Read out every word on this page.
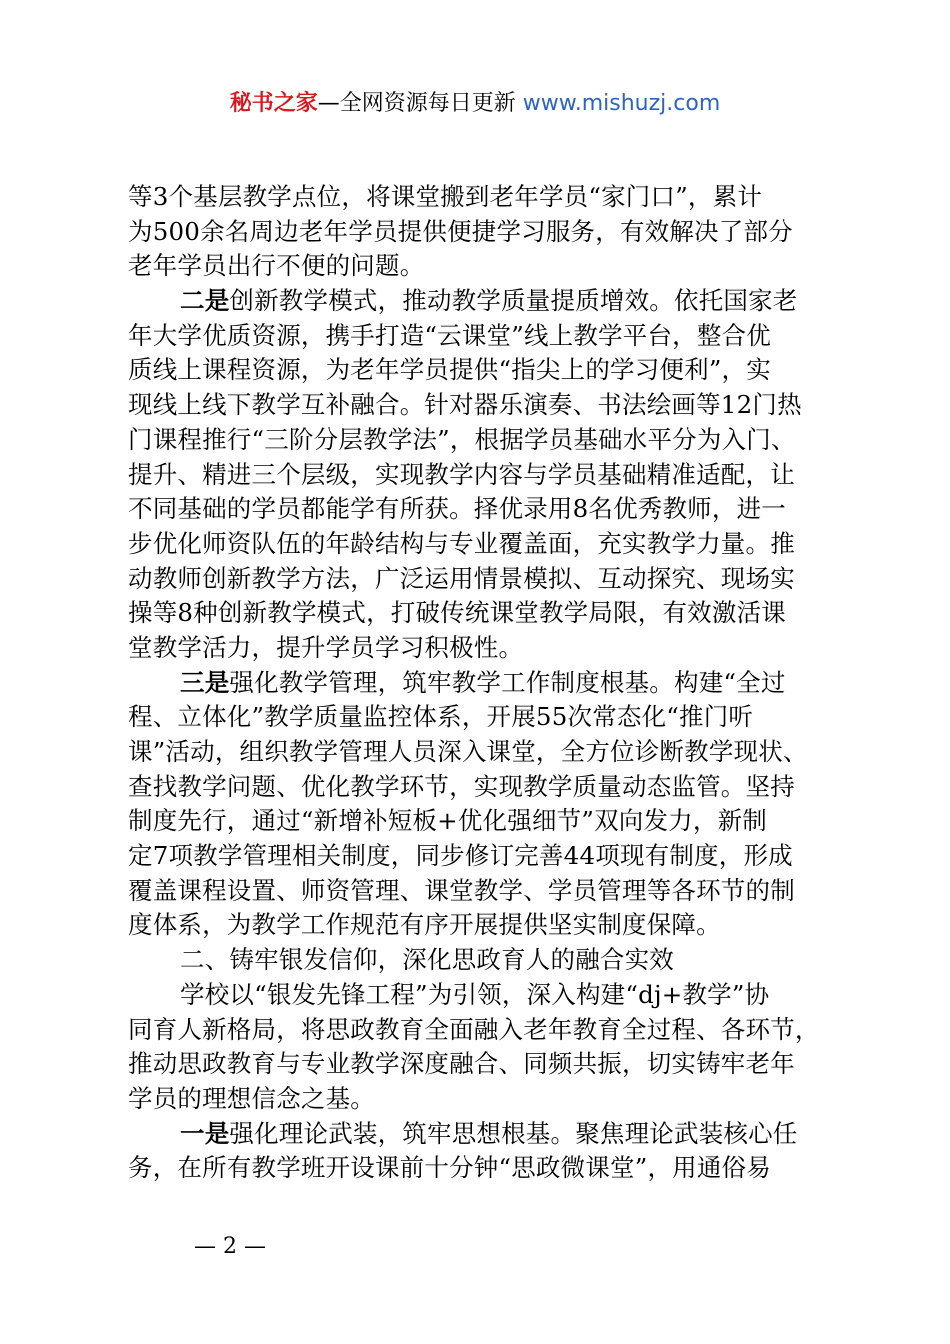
秘书之家—全网资源每日更新 www.mishuzj.com
等3个基层教学点位，将课堂搬到老年学员“家门口”，累计
为500余名周边老年学员提供便捷学习服务，有效解决了部分
老年学员出行不便的问题。
二是创新教学模式，推动教学质量提质增效。依托国家老
年大学优质资源，携手打造“云课堂”线上教学平台，整合优
质线上课程资源，为老年学员提供“指尖上的学习便利”，实
现线上线下教学互补融合。针对器乐演奏、书法绘画等12门热
门课程推行“三阶分层教学法”，根据学员基础水平分为入门、
提升、精进三个层级，实现教学内容与学员基础精准适配，让
不同基础的学员都能学有所获。择优录用8名优秀教师，进一
步优化师资队伍的年龄结构与专业覆盖面，充实教学力量。推
动教师创新教学方法，广泛运用情景模拟、互动探究、现场实
操等8种创新教学模式，打破传统课堂教学局限，有效激活课
堂教学活力，提升学员学习积极性。
三是强化教学管理，筑牢教学工作制度根基。构建“全过
程、立体化”教学质量监控体系，开展55次常态化“推门听
课”活动，组织教学管理人员深入课堂，全方位诊断教学现状、
查找教学问题、优化教学环节，实现教学质量动态监管。坚持
制度先行，通过“新增补短板+优化强细节”双向发力，新制
定7项教学管理相关制度，同步修订完善44项现有制度，形成
覆盖课程设置、师资管理、课堂教学、学员管理等各环节的制
度体系，为教学工作规范有序开展提供坚实制度保障。
二、铸牢银发信仰，深化思政育人的融合实效
学校以“银发先锋工程”为引领，深入构建“dj+教学”协
同育人新格局，将思政教育全面融入老年教育全过程、各环节，
推动思政教育与专业教学深度融合、同频共振，切实铸牢老年
学员的理想信念之基。
一是强化理论武装，筑牢思想根基。聚焦理论武装核心任
务，在所有教学班开设课前十分钟“思政微课堂”，用通俗易
— 2 —
